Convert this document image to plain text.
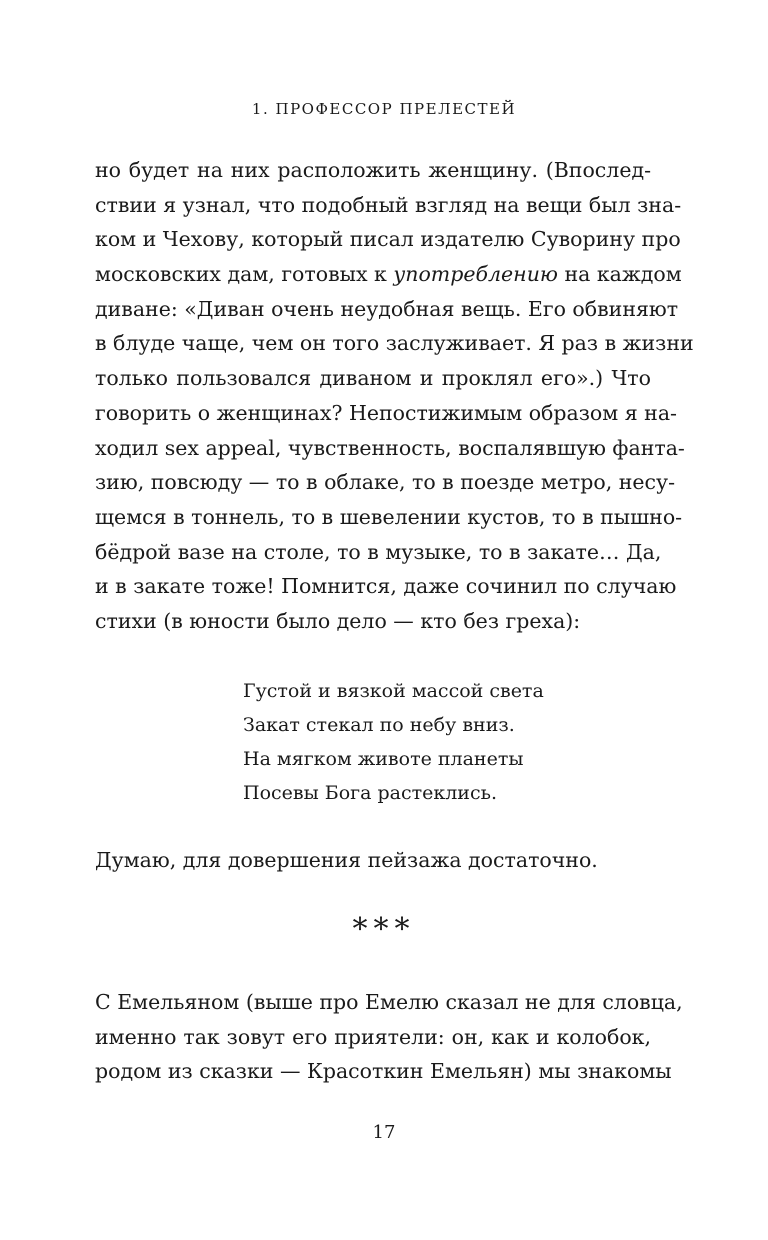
1. ПРОФЕССОР ПРЕЛЕСТЕЙ
но будет на них расположить женщину. (Впослед-
ствии я узнал, что подобный взгляд на вещи был зна-
ком и Чехову, который писал издателю Суворину про
московских дам, готовых к употреблению на каждом
диване: «Диван очень неудобная вещь. Его обвиняют
в блуде чаще, чем он того заслуживает. Я раз в жизни
только пользовался диваном и проклял его».) Что
говорить о женщинах? Непостижимым образом я на-
ходил sex appeal, чувственность, воспалявшую фанта-
зию, повсюду — то в облаке, то в поезде метро, несу-
щемся в тоннель, то в шевелении кустов, то в пышно-
бёдрой вазе на столе, то в музыке, то в закате… Да,
и в закате тоже! Помнится, даже сочинил по случаю
стихи (в юности было дело — кто без греха):
Густой и вязкой массой света
Закат стекал по небу вниз.
На мягком животе планеты
Посевы Бога растеклись.
Думаю, для довершения пейзажа достаточно.
***
С Емельяном (выше про Емелю сказал не для словца,
именно так зовут его приятели: он, как и колобок,
родом из сказки — Красоткин Емельян) мы знакомы
17
